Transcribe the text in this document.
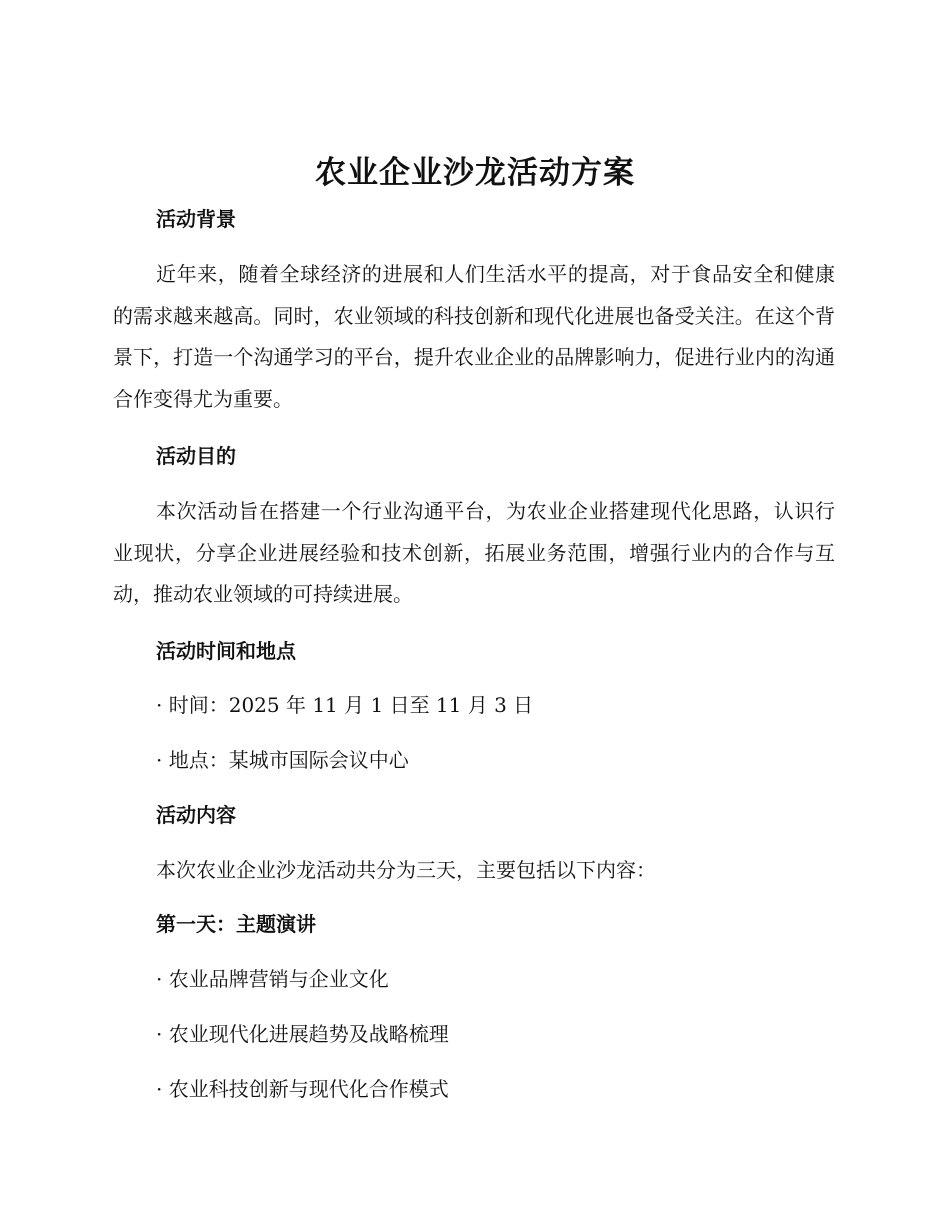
农业企业沙龙活动方案
活动背景
近年来，随着全球经济的进展和人们生活水平的提高，对于食品安全和健康的需求越来越高。同时，农业领域的科技创新和现代化进展也备受关注。在这个背景下，打造一个沟通学习的平台，提升农业企业的品牌影响力，促进行业内的沟通合作变得尤为重要。
活动目的
本次活动旨在搭建一个行业沟通平台，为农业企业搭建现代化思路，认识行业现状，分享企业进展经验和技术创新，拓展业务范围，增强行业内的合作与互动，推动农业领域的可持续进展。
活动时间和地点
· 时间：2025 年 11 月 1 日至 11 月 3 日
· 地点：某城市国际会议中心
活动内容
本次农业企业沙龙活动共分为三天，主要包括以下内容：
第一天：主题演讲
· 农业品牌营销与企业文化
· 农业现代化进展趋势及战略梳理
· 农业科技创新与现代化合作模式
